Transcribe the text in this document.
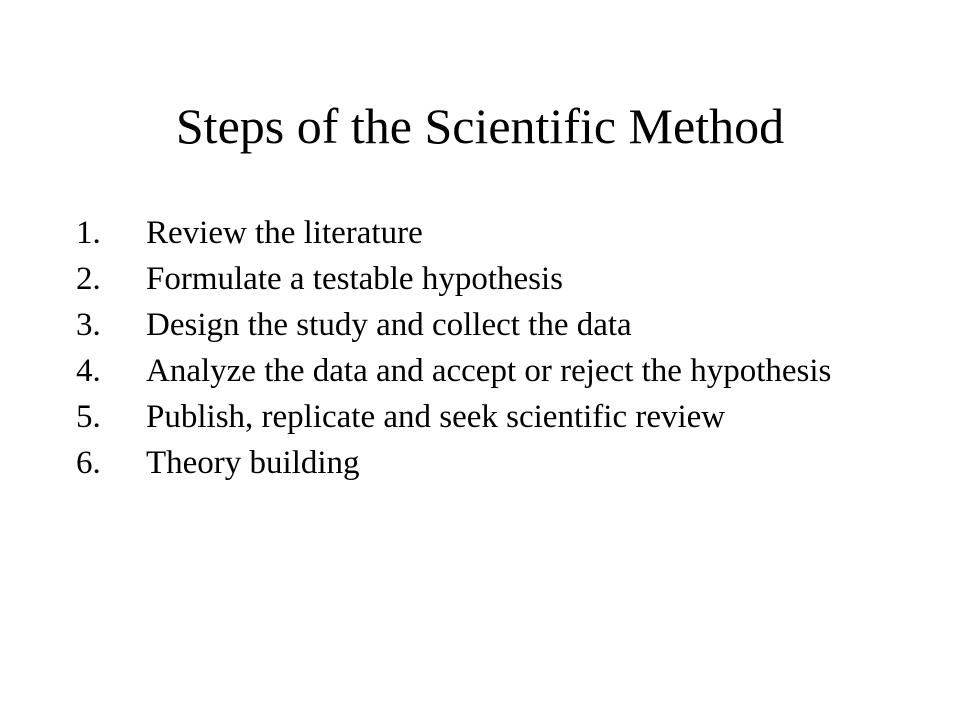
Steps of the Scientific Method
1.	Review the literature
2.	Formulate a testable hypothesis
3.	Design the study and collect the data
4.	Analyze the data and accept or reject the hypothesis
5.	Publish, replicate and seek scientific review
6.	Theory building
